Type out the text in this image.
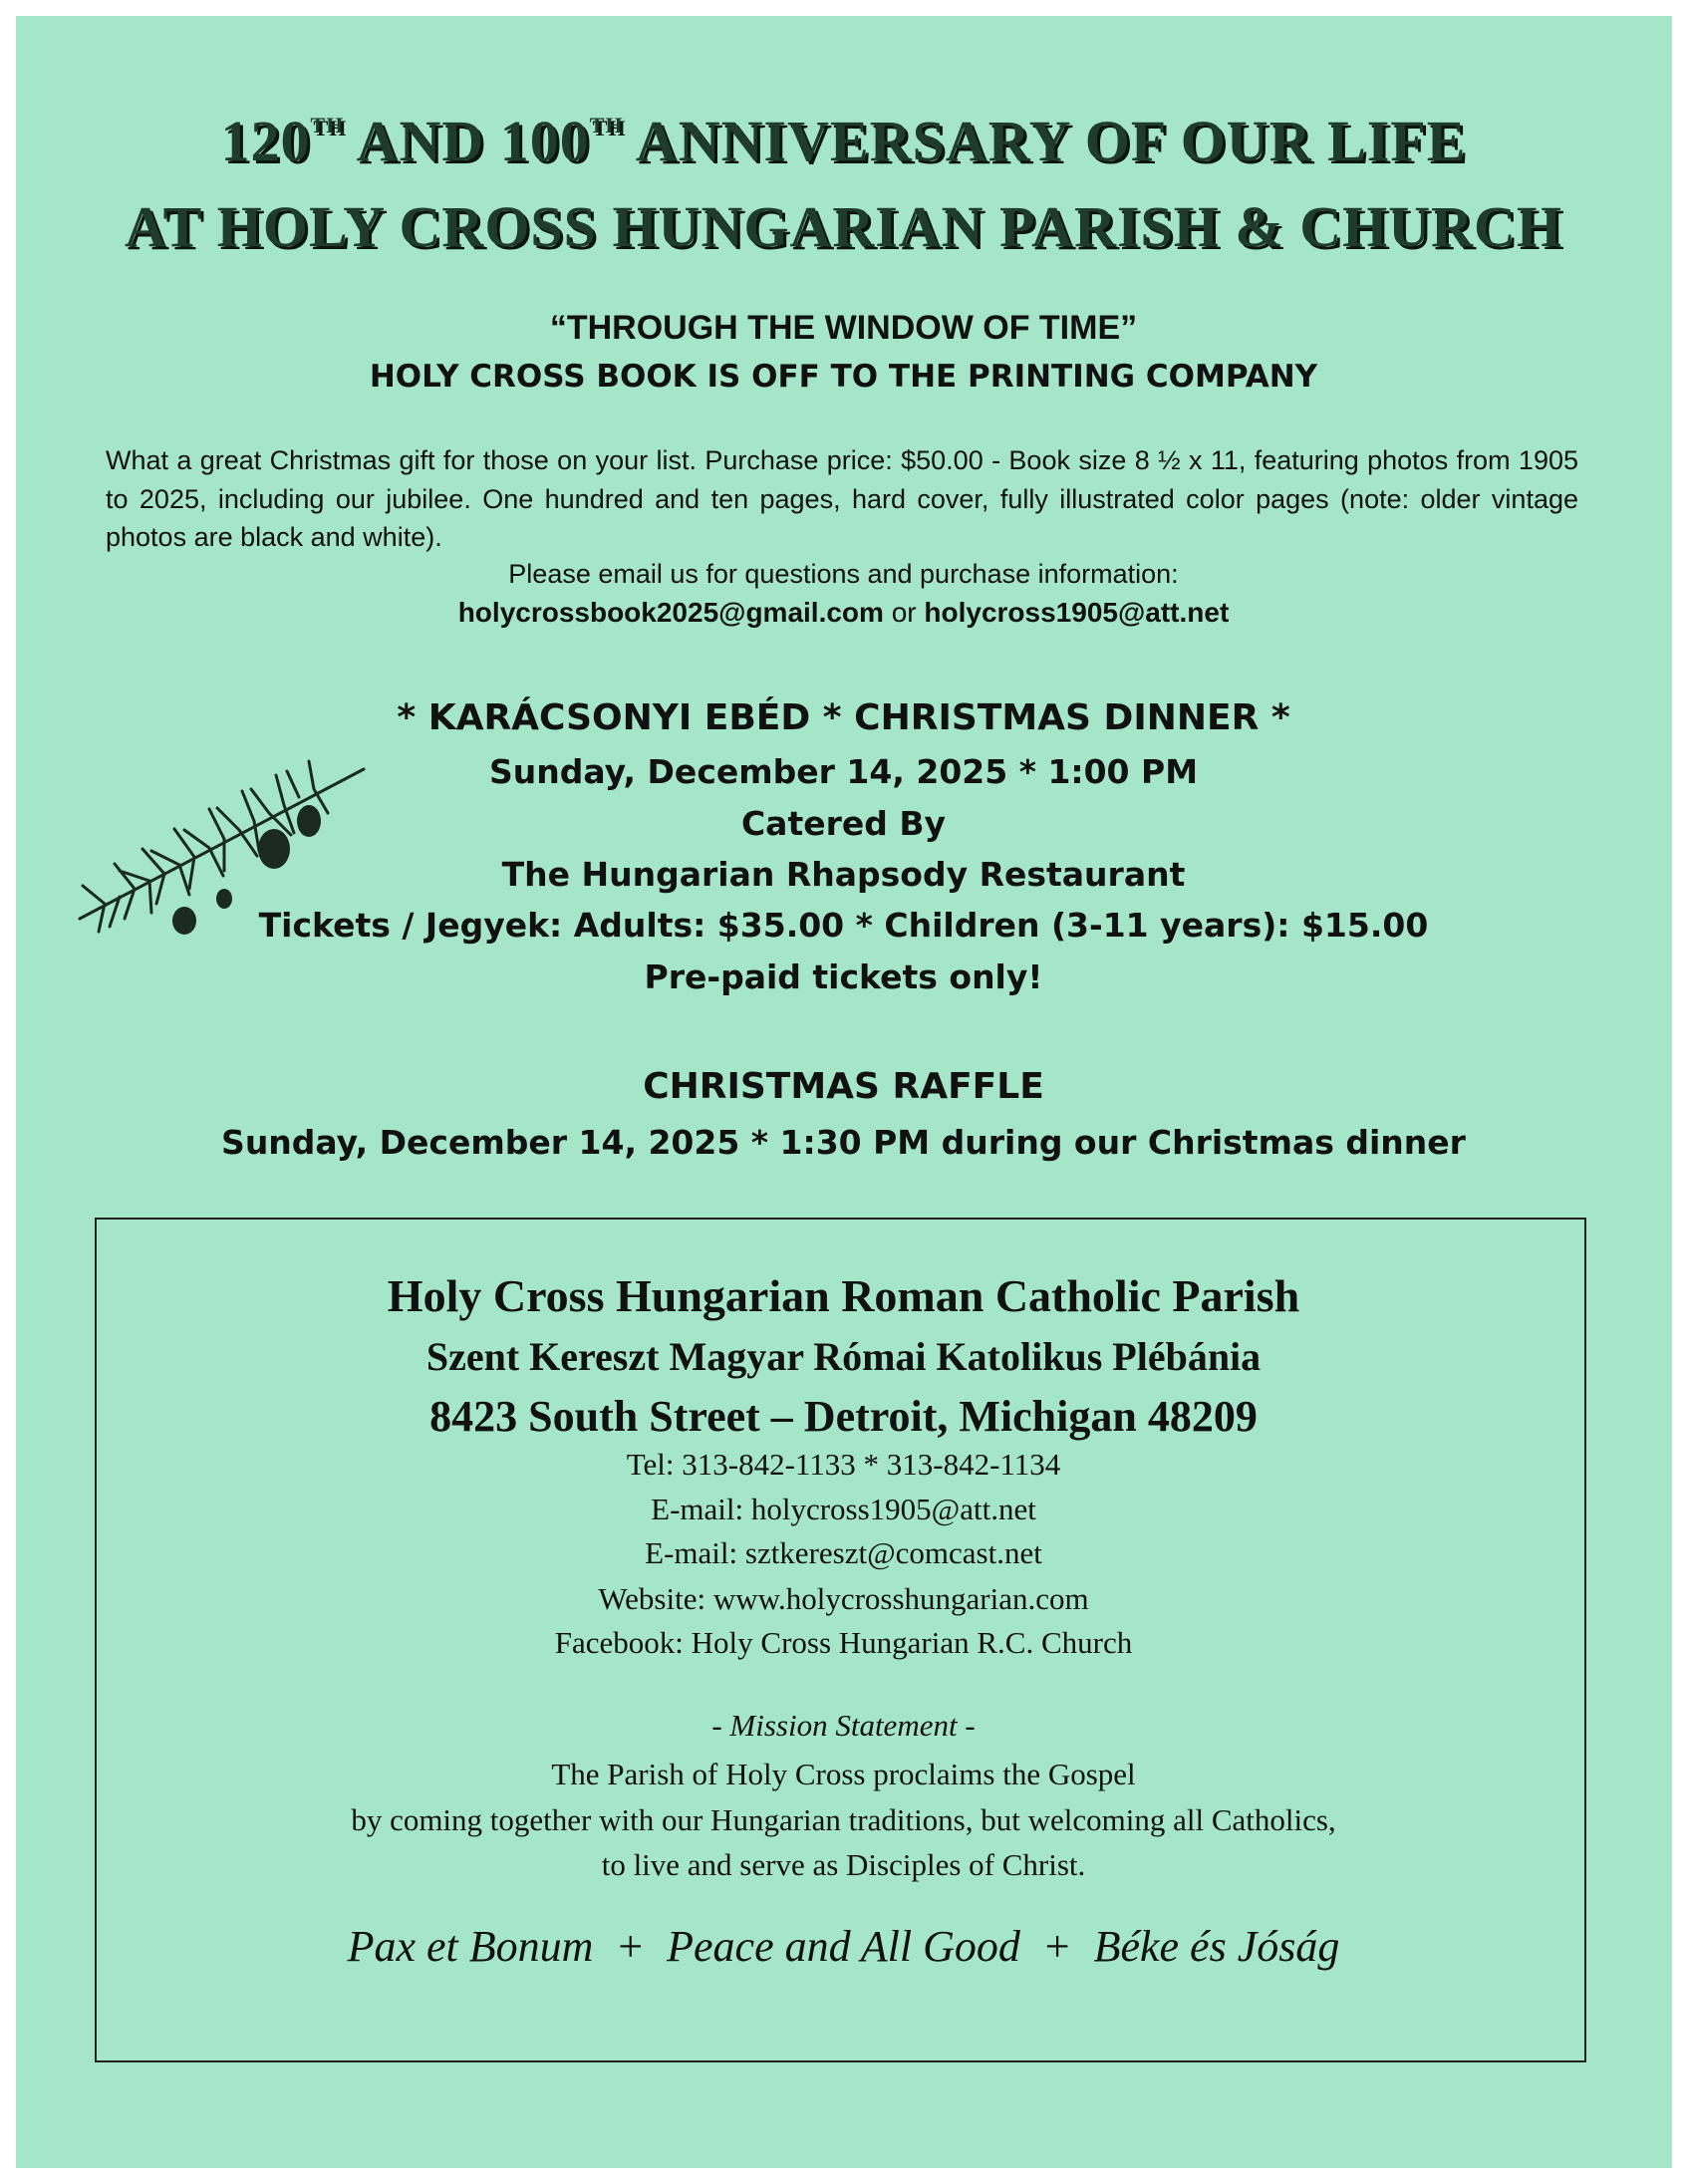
120TH AND 100TH ANNIVERSARY OF OUR LIFE
AT HOLY CROSS HUNGARIAN PARISH & CHURCH
“THROUGH THE WINDOW OF TIME”
HOLY CROSS BOOK IS OFF TO THE PRINTING COMPANY
What a great Christmas gift for those on your list. Purchase price: $50.00 - Book size 8 ½ x 11, featuring photos from 1905 to 2025, including our jubilee. One hundred and ten pages, hard cover, fully illustrated color pages (note: older vintage photos are black and white).
Please email us for questions and purchase information:
holycrossbook2025@gmail.com or holycross1905@att.net
* KARÁCSONYI EBÉD * CHRISTMAS DINNER *
Sunday, December 14, 2025 * 1:00 PM
Catered By
The Hungarian Rhapsody Restaurant
Tickets / Jegyek: Adults: $35.00 * Children (3-11 years): $15.00
Pre-paid tickets only!
CHRISTMAS RAFFLE
Sunday, December 14, 2025 * 1:30 PM during our Christmas dinner
Holy Cross Hungarian Roman Catholic Parish
Szent Kereszt Magyar Római Katolikus Plébánia
8423 South Street – Detroit, Michigan 48209
Tel: 313-842-1133 * 313-842-1134
E-mail: holycross1905@att.net
E-mail: sztkereszt@comcast.net
Website: www.holycrosshungarian.com
Facebook: Holy Cross Hungarian R.C. Church
- Mission Statement -
The Parish of Holy Cross proclaims the Gospel
by coming together with our Hungarian traditions, but welcoming all Catholics,
to live and serve as Disciples of Christ.
Pax et Bonum  +  Peace and All Good  +  Béke és Jóság
